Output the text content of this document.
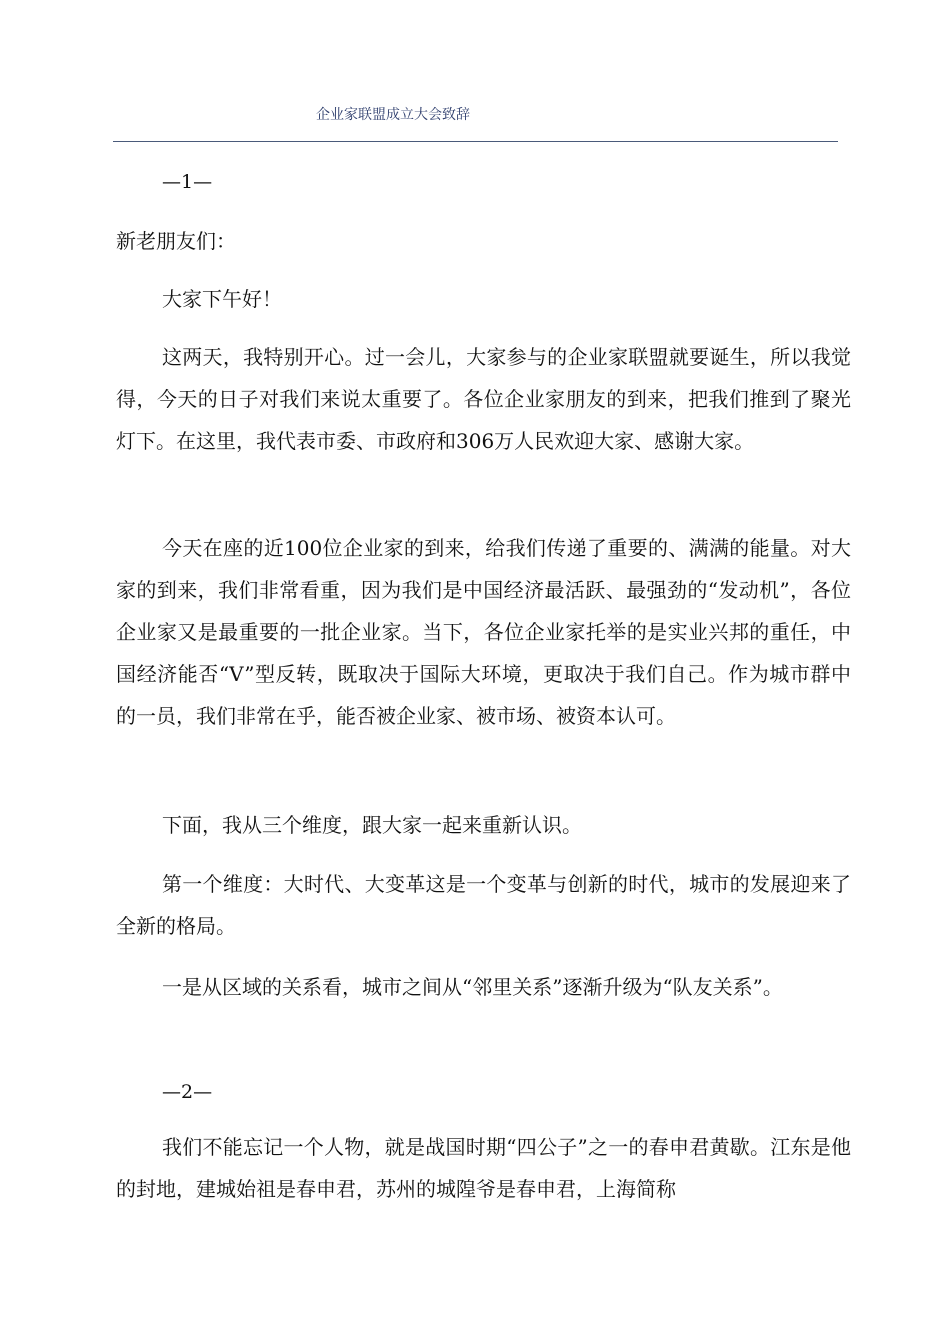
企业家联盟成立大会致辞
—1—

新老朋友们：

大家下午好！

这两天，我特别开心。过一会儿，大家参与的企业家联盟就要诞生，所以我觉得，今天的日子对我们来说太重要了。各位企业家朋友的到来，把我们推到了聚光灯下。在这里，我代表市委、市政府和306万人民欢迎大家、感谢大家。

今天在座的近100位企业家的到来，给我们传递了重要的、满满的能量。对大家的到来，我们非常看重，因为我们是中国经济最活跃、最强劲的“发动机”，各位企业家又是最重要的一批企业家。当下，各位企业家托举的是实业兴邦的重任，中国经济能否“V”型反转，既取决于国际大环境，更取决于我们自己。作为城市群中的一员，我们非常在乎，能否被企业家、被市场、被资本认可。

下面，我从三个维度，跟大家一起来重新认识。

第一个维度：大时代、大变革这是一个变革与创新的时代，城市的发展迎来了全新的格局。

一是从区域的关系看，城市之间从“邻里关系”逐渐升级为“队友关系”。

—2—

我们不能忘记一个人物，就是战国时期“四公子”之一的春申君黄歇。江东是他的封地，建城始祖是春申君，苏州的城隍爷是春申君，上海简称
